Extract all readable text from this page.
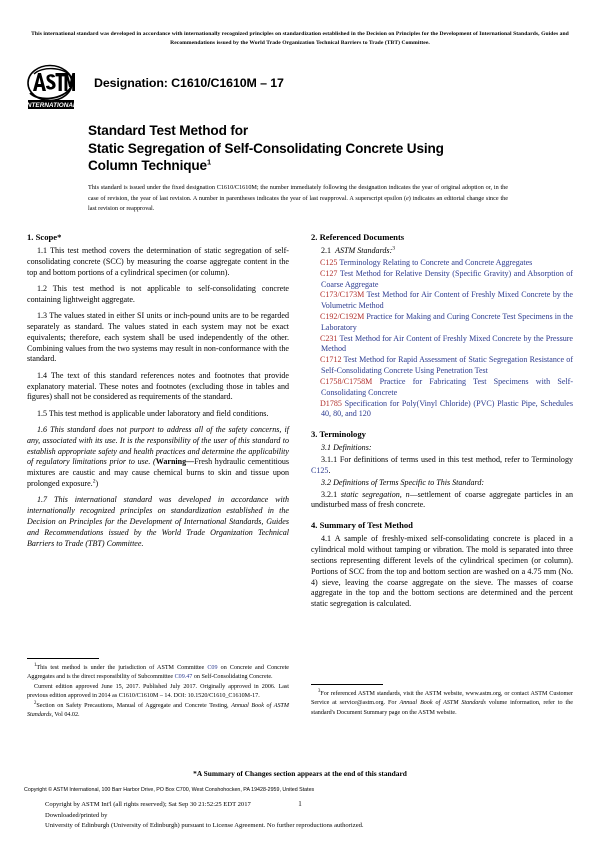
This international standard was developed in accordance with internationally recognized principles on standardization established in the Decision on Principles for the Development of International Standards, Guides and Recommendations issued by the World Trade Organization Technical Barriers to Trade (TBT) Committee.
INTERNATIONAL
Designation: C1610/C1610M – 17
Standard Test Method for
Static Segregation of Self-Consolidating Concrete Using
Column Technique$^1$
This standard is issued under the fixed designation C1610/C1610M; the number immediately following the designation indicates the year of original adoption or, in the case of revision, the year of last revision. A number in parentheses indicates the year of last reapproval. A superscript epsilon (e) indicates an editorial change since the last revision or reapproval.
1. Scope*

1.1 This test method covers the determination of static segregation of self-consolidating concrete (SCC) by measuring the coarse aggregate content in the top and bottom portions of a cylindrical specimen (or column).

1.2 This test method is not applicable to self-consolidating concrete containing lightweight aggregate.

1.3 The values stated in either SI units or inch-pound units are to be regarded separately as standard. The values stated in each system may not be exact equivalents; therefore, each system shall be used independently of the other. Combining values from the two systems may result in non-conformance with the standard.

1.4 The text of this standard references notes and footnotes that provide explanatory material. These notes and footnotes (excluding those in tables and figures) shall not be considered as requirements of the standard.

1.5 This test method is applicable under laboratory and field conditions.

1.6 This standard does not purport to address all of the safety concerns, if any, associated with its use. It is the responsibility of the user of this standard to establish appropriate safety and health practices and determine the applicability of regulatory limitations prior to use. (Warning—Fresh hydraulic cementitious mixtures are caustic and may cause chemical burns to skin and tissue upon prolonged exposure.$^2$)

1.7 This international standard was developed in accordance with internationally recognized principles on standardization established in the Decision on Principles for the Development of International Standards, Guides and Recommendations issued by the World Trade Organization Technical Barriers to Trade (TBT) Committee.

2. Referenced Documents

2.1  ASTM Standards:$^3$

C125 Terminology Relating to Concrete and Concrete Aggregates
C127 Test Method for Relative Density (Specific Gravity) and Absorption of Coarse Aggregate
C173/C173M Test Method for Air Content of Freshly Mixed Concrete by the Volumetric Method
C192/C192M Practice for Making and Curing Concrete Test Specimens in the Laboratory
C231 Test Method for Air Content of Freshly Mixed Concrete by the Pressure Method
C1712 Test Method for Rapid Assessment of Static Segregation Resistance of Self-Consolidating Concrete Using Penetration Test
C1758/C1758M Practice for Fabricating Test Specimens with Self-Consolidating Concrete
D1785 Specification for Poly(Vinyl Chloride) (PVC) Plastic Pipe, Schedules 40, 80, and 120
3. Terminology

3.1 Definitions:

3.1.1 For definitions of terms used in this test method, refer to Terminology C125.

3.2 Definitions of Terms Specific to This Standard:

3.2.1 static segregation, n—settlement of coarse aggregate particles in an undisturbed mass of fresh concrete.

4. Summary of Test Method

4.1 A sample of freshly-mixed self-consolidating concrete is placed in a cylindrical mold without tamping or vibration. The mold is separated into three sections representing different levels of the cylindrical specimen (or column). Portions of SCC from the top and bottom section are washed on a 4.75 mm (No. 4) sieve, leaving the coarse aggregate on the sieve. The masses of coarse aggregate in the top and the bottom sections are determined and the percent static segregation is calculated.

$^1$This test method is under the jurisdiction of ASTM Committee C09 on Concrete and Concrete Aggregates and is the direct responsibility of Subcommittee C09.47 on Self-Consolidating Concrete.

Current edition approved June 15, 2017. Published July 2017. Originally approved in 2006. Last previous edition approved in 2014 as C1610/C1610M – 14. DOI: 10.1520/C1610_C1610M-17.

$^2$Section on Safety Precautions, Manual of Aggregate and Concrete Testing, Annual Book of ASTM Standards, Vol 04.02.

$^3$For referenced ASTM standards, visit the ASTM website, www.astm.org, or contact ASTM Customer Service at service@astm.org. For Annual Book of ASTM Standards volume information, refer to the standard's Document Summary page on the ASTM website.

*A Summary of Changes section appears at the end of this standard
Copyright © ASTM International, 100 Barr Harbor Drive, PO Box C700, West Conshohocken, PA 19428-2959, United States
Copyright by ASTM Int'l (all rights reserved); Sat Sep 30 21:52:25 EDT 2017
Downloaded/printed by
University of Edinburgh (University of Edinburgh) pursuant to License Agreement. No further reproductions authorized.
1
